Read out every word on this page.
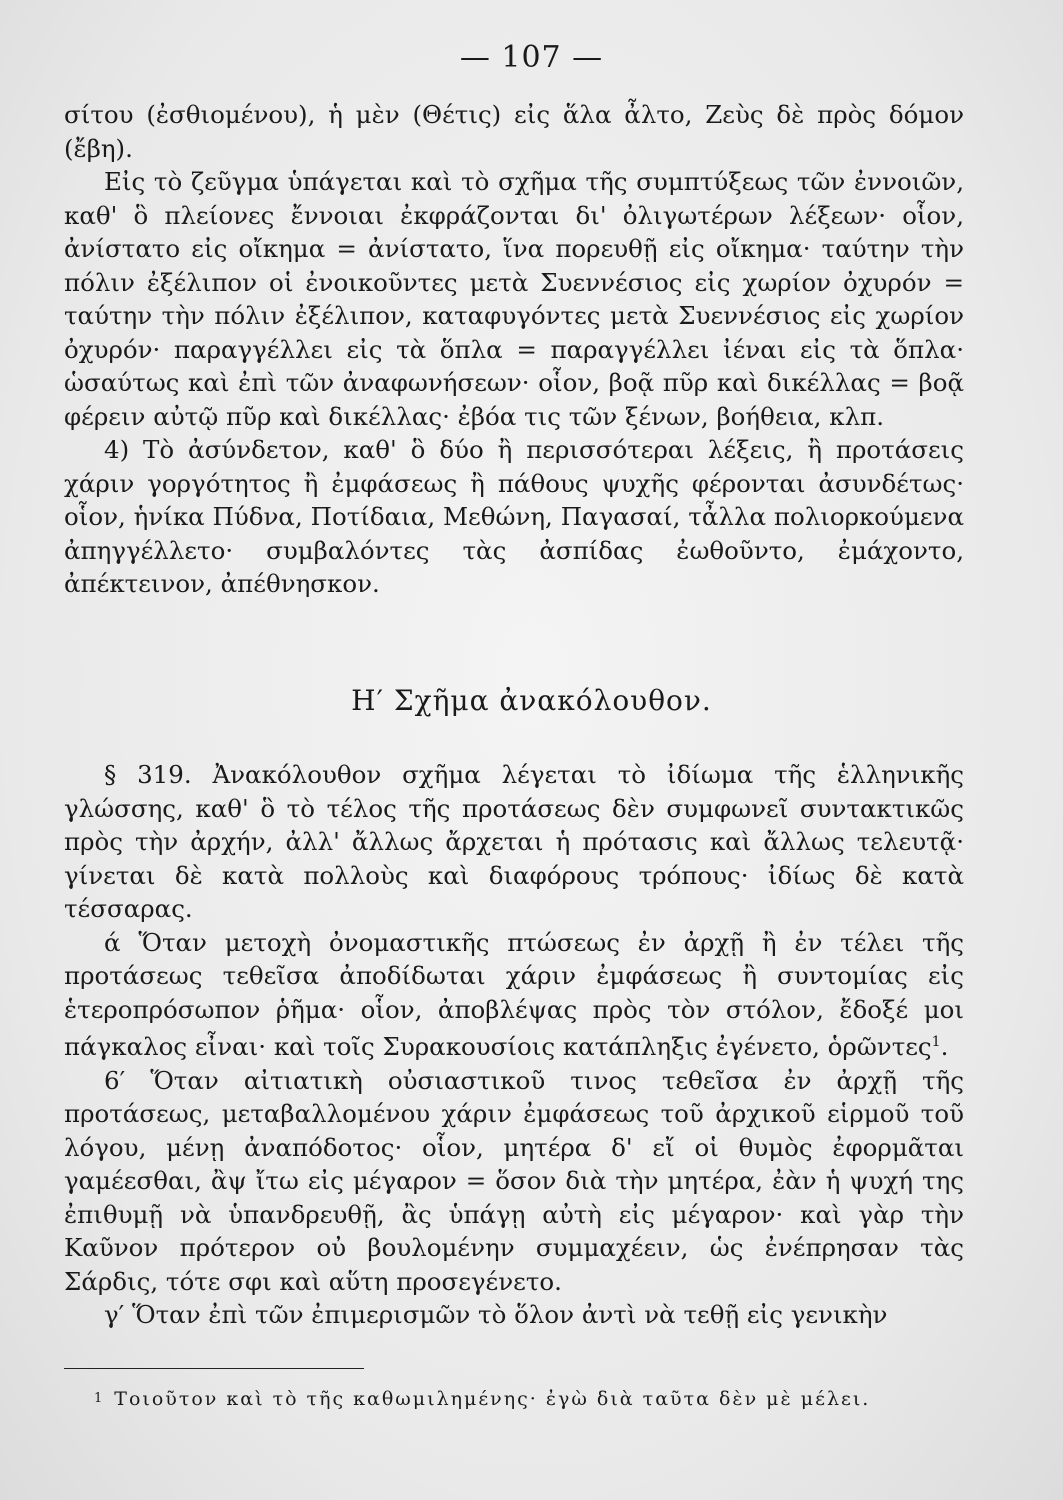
— 107 —

σίτου (ἐσθιομένου), ἡ μὲν (Θέτις) εἰς ἅλα ἆλτο, Ζεὺς δὲ πρὸς δόμον (ἔβη).

Εἰς τὸ ζεῦγμα ὑπάγεται καὶ τὸ σχῆμα τῆς συμπτύξεως τῶν ἐννοιῶν, καθ' ὃ πλείονες ἔννοιαι ἐκφράζονται δι' ὀλιγωτέρων λέξεων· οἷον, ἀνίστατο εἰς οἴκημα = ἀνίστατο, ἵνα πορευθῇ εἰς οἴκημα· ταύτην τὴν πόλιν ἐξέλιπον οἱ ἐνοικοῦντες μετὰ Συεννέσιος εἰς χωρίον ὀχυρόν = ταύτην τὴν πόλιν ἐξέλιπον, καταφυγόντες μετὰ Συεννέσιος εἰς χωρίον ὀχυρόν· παραγγέλλει εἰς τὰ ὅπλα = παραγγέλλει ἰέναι εἰς τὰ ὅπλα· ὡσαύτως καὶ ἐπὶ τῶν ἀναφωνήσεων· οἷον, βοᾷ πῦρ καὶ δικέλλας = βοᾷ φέρειν αὐτῷ πῦρ καὶ δικέλλας· ἐβόα τις τῶν ξένων, βοήθεια, κλπ.

4) Τὸ ἀσύνδετον, καθ' ὃ δύο ἢ περισσότεραι λέξεις, ἢ προτάσεις χάριν γοργότητος ἢ ἐμφάσεως ἢ πάθους ψυχῆς φέρονται ἀσυνδέτως· οἷον, ἡνίκα Πύδνα, Ποτίδαια, Μεθώνη, Παγασαί, τἆλλα πολιορκούμενα ἀπηγγέλλετο· συμβαλόντες τὰς ἀσπίδας ἐωθοῦντο, ἐμάχοντο, ἀπέκτεινον, ἀπέθνησκον.

Η′ Σχῆμα ἀνακόλουθον.

§ 319. Ἀνακόλουθον σχῆμα λέγεται τὸ ἰδίωμα τῆς ἑλληνικῆς γλώσσης, καθ' ὃ τὸ τέλος τῆς προτάσεως δὲν συμφωνεῖ συντακτικῶς πρὸς τὴν ἀρχήν, ἀλλ' ἄλλως ἄρχεται ἡ πρότασις καὶ ἄλλως τελευτᾷ· γίνεται δὲ κατὰ πολλοὺς καὶ διαφόρους τρόπους· ἰδίως δὲ κατὰ τέσσαρας.

ά Ὅταν μετοχὴ ὀνομαστικῆς πτώσεως ἐν ἀρχῇ ἢ ἐν τέλει τῆς προτάσεως τεθεῖσα ἀποδίδωται χάριν ἐμφάσεως ἢ συντομίας εἰς ἑτεροπρόσωπον ῥῆμα· οἷον, ἀποβλέψας πρὸς τὸν στόλον, ἔδοξέ μοι πάγκαλος εἶναι· καὶ τοῖς Συρακουσίοις κατάπληξις ἐγένετο, ὁρῶντες$^1$.

6′ Ὅταν αἰτιατικὴ οὐσιαστικοῦ τινος τεθεῖσα ἐν ἀρχῇ τῆς προτάσεως, μεταβαλλομένου χάριν ἐμφάσεως τοῦ ἀρχικοῦ εἱρμοῦ τοῦ λόγου, μένῃ ἀναπόδοτος· οἷον, μητέρα δ' εἴ οἱ θυμὸς ἐφορμᾶται γαμέεσθαι, ἂψ ἴτω εἰς μέγαρον = ὅσον διὰ τὴν μητέρα, ἐὰν ἡ ψυχή της ἐπιθυμῇ νὰ ὑπανδρευθῇ, ἂς ὑπάγῃ αὐτὴ εἰς μέγαρον· καὶ γὰρ τὴν Καῦνον πρότερον οὐ βουλομένην συμμαχέειν, ὡς ἐνέπρησαν τὰς Σάρδις, τότε σφι καὶ αὕτη προσεγένετο.

γ′ Ὅταν ἐπὶ τῶν ἐπιμερισμῶν τὸ ὅλον ἀντὶ νὰ τεθῇ εἰς γενικὴν

$^1$ Τοιοῦτον καὶ τὸ τῆς καθωμιλημένης· ἐγὼ διὰ ταῦτα δὲν μὲ μέλει.
